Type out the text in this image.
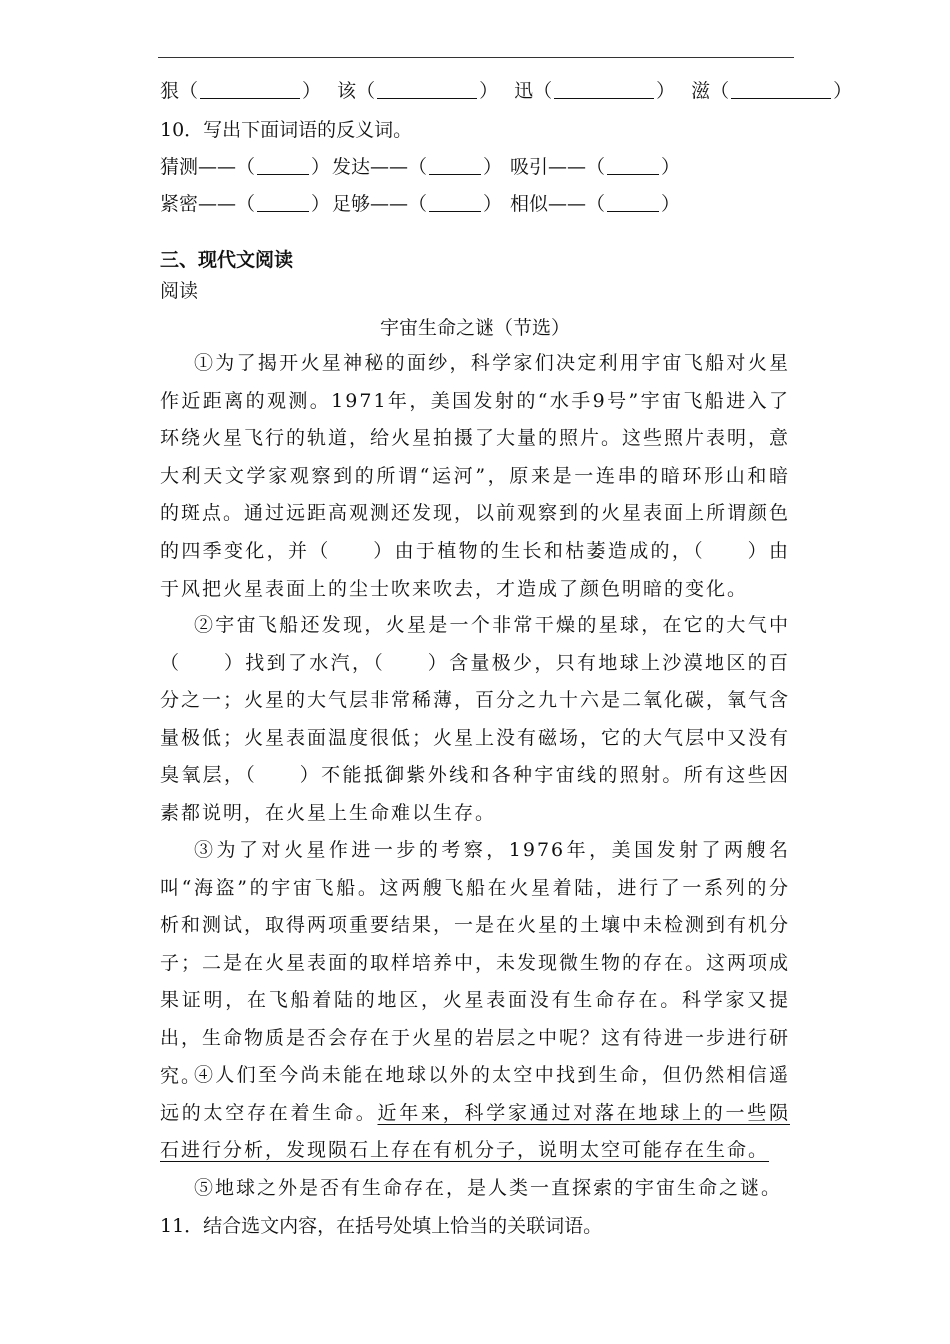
狠（	） 该（	） 迅（	） 滋（	）
10．写出下面词语的反义词。
猜测——（	） 发达——（	） 吸引——（	）
紧密——（	） 足够——（	） 相似——（	）
三、现代文阅读
阅读
宇宙生命之谜（节选）
①为了揭开火星神秘的面纱，科学家们决定利用宇宙飞船对火星作近距离的观测。1971年，美国发射的“水手9号”宇宙飞船进入了环绕火星飞行的轨道，给火星拍摄了大量的照片。这些照片表明，意大利天文学家观察到的所谓“运河”，原来是一连串的暗环形山和暗的斑点。通过远距高观测还发现，以前观察到的火星表面上所谓颜色的四季变化，并（　　）由于植物的生长和枯萎造成的，（　　）由于风把火星表面上的尘士吹来吹去，才造成了颜色明暗的变化。
②宇宙飞船还发现，火星是一个非常干燥的星球，在它的大气中（　　）找到了水汽，（　　）含量极少，只有地球上沙漠地区的百分之一；火星的大气层非常稀薄，百分之九十六是二氧化碳，氧气含量极低；火星表面温度很低；火星上没有磁场，它的大气层中又没有臭氧层，（　　）不能抵御紫外线和各种宇宙线的照射。所有这些因素都说明，在火星上生命难以生存。
③为了对火星作进一步的考察，1976年，美国发射了两艘名叫“海盗”的宇宙飞船。这两艘飞船在火星着陆，进行了一系列的分析和测试，取得两项重要结果，一是在火星的土壤中未检测到有机分子；二是在火星表面的取样培养中，未发现微生物的存在。这两项成果证明，在飞船着陆的地区，火星表面没有生命存在。科学家又提出，生命物质是否会存在于火星的岩层之中呢？这有待进一步进行研究。
④人们至今尚未能在地球以外的太空中找到生命，但仍然相信遥远的太空存在着生命。近年来，科学家通过对落在地球上的一些陨石进行分析，发现陨石上存在有机分子，说明太空可能存在生命。
⑤地球之外是否有生命存在，是人类一直探索的宇宙生命之谜。
11．结合选文内容，在括号处填上恰当的关联词语。
